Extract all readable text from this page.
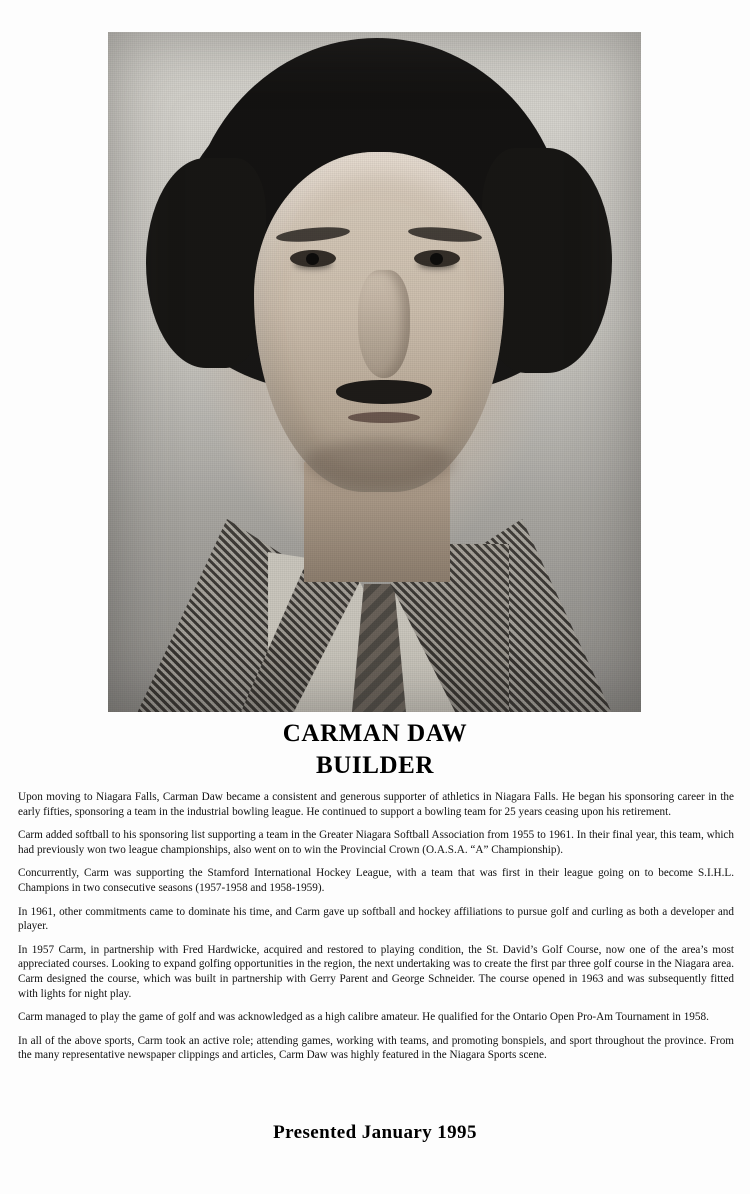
CARMAN DAW
BUILDER

Upon moving to Niagara Falls, Carman Daw became a consistent and generous supporter of athletics in Niagara Falls. He began his sponsoring career in the early fifties, sponsoring a team in the industrial bowling league. He continued to support a bowling team for 25 years ceasing upon his retirement.

Carm added softball to his sponsoring list supporting a team in the Greater Niagara Softball Association from 1955 to 1961. In their final year, this team, which had previously won two league championships, also went on to win the Provincial Crown (O.A.S.A. “A” Championship).

Concurrently, Carm was supporting the Stamford International Hockey League, with a team that was first in their league going on to become S.I.H.L. Champions in two consecutive seasons (1957-1958 and 1958-1959).

In 1961, other commitments came to dominate his time, and Carm gave up softball and hockey affiliations to pursue golf and curling as both a developer and player.

In 1957 Carm, in partnership with Fred Hardwicke, acquired and restored to playing condition, the St. David’s Golf Course, now one of the area’s most appreciated courses. Looking to expand golfing opportunities in the region, the next undertaking was to create the first par three golf course in the Niagara area. Carm designed the course, which was built in partnership with Gerry Parent and George Schneider. The course opened in 1963 and was subsequently fitted with lights for night play.

Carm managed to play the game of golf and was acknowledged as a high calibre amateur. He qualified for the Ontario Open Pro-Am Tournament in 1958.

In all of the above sports, Carm took an active role; attending games, working with teams, and promoting bonspiels, and sport throughout the province. From the many representative newspaper clippings and articles, Carm Daw was highly featured in the Niagara Sports scene.

Presented January 1995
